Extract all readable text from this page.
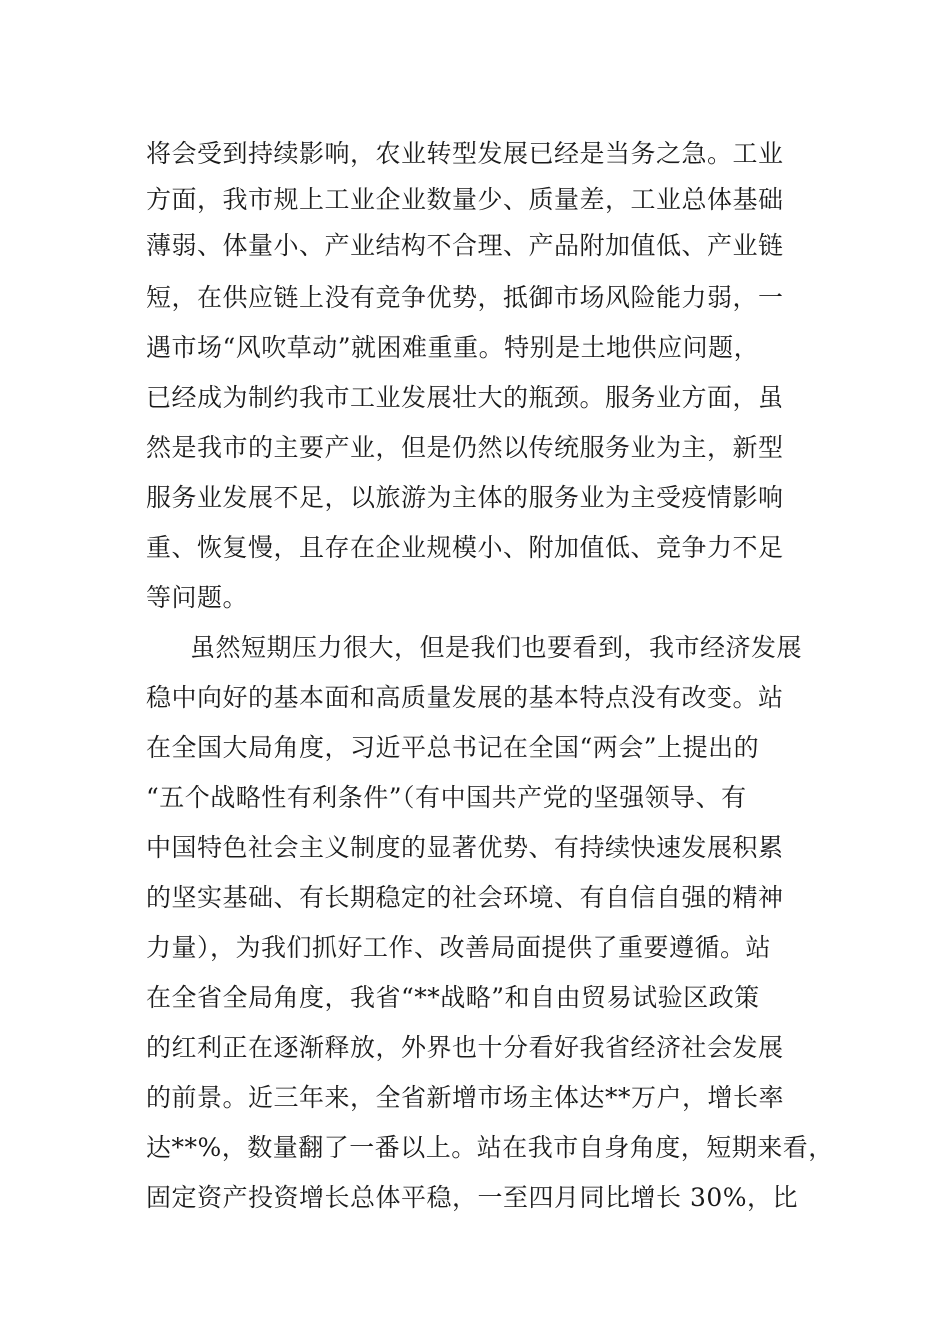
将会受到持续影响，农业转型发展已经是当务之急。工业
方面，我市规上工业企业数量少、质量差，工业总体基础
薄弱、体量小、产业结构不合理、产品附加值低、产业链
短，在供应链上没有竞争优势，抵御市场风险能力弱，一
遇市场“风吹草动”就困难重重。特别是土地供应问题，
已经成为制约我市工业发展壮大的瓶颈。服务业方面，虽
然是我市的主要产业，但是仍然以传统服务业为主，新型
服务业发展不足，以旅游为主体的服务业为主受疫情影响
重、恢复慢，且存在企业规模小、附加值低、竞争力不足
等问题。
虽然短期压力很大，但是我们也要看到，我市经济发展
稳中向好的基本面和高质量发展的基本特点没有改变。站
在全国大局角度，习近平总书记在全国“两会”上提出的
“五个战略性有利条件”（有中国共产党的坚强领导、有
中国特色社会主义制度的显著优势、有持续快速发展积累
的坚实基础、有长期稳定的社会环境、有自信自强的精神
力量），为我们抓好工作、改善局面提供了重要遵循。站
在全省全局角度，我省“**战略”和自由贸易试验区政策
的红利正在逐渐释放，外界也十分看好我省经济社会发展
的前景。近三年来，全省新增市场主体达**万户，增长率
达**%，数量翻了一番以上。站在我市自身角度，短期来看，
固定资产投资增长总体平稳，一至四月同比增长 30%，比
